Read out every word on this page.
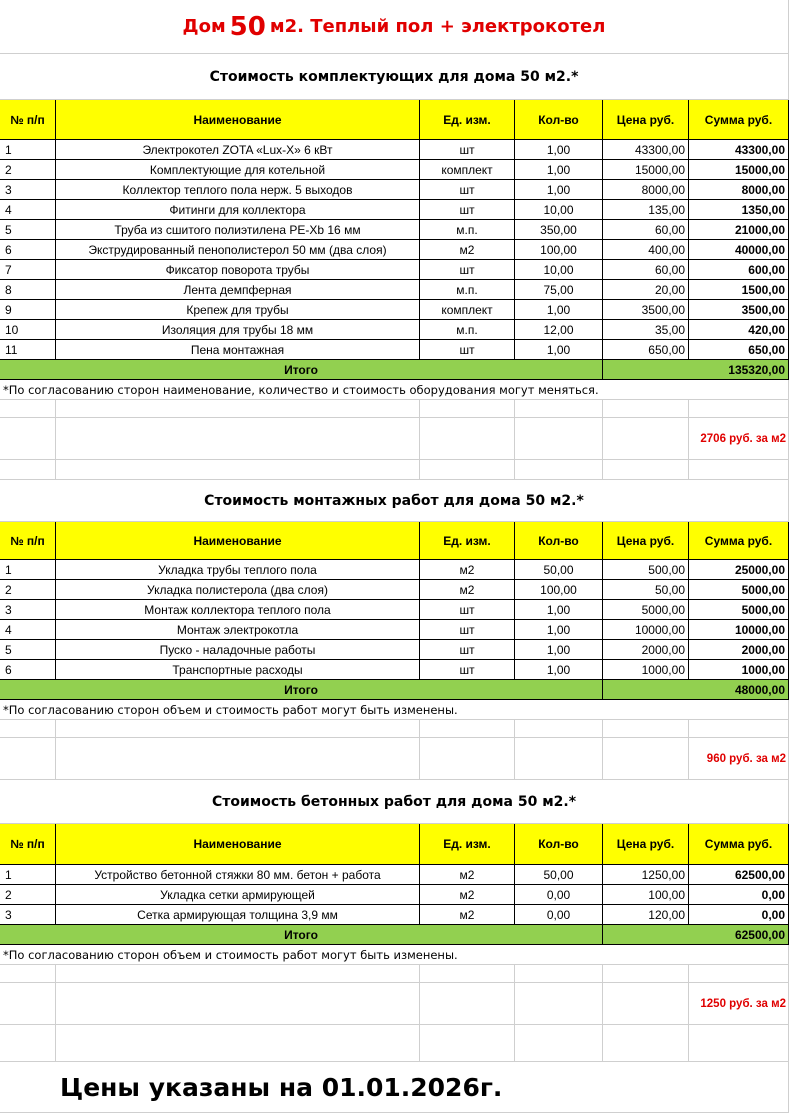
Дом 50 м2. Теплый пол + электрокотел
Стоимость комплектующих для дома 50 м2.*
№ п/п	Наименование	Ед. изм.	Кол-во	Цена руб.	Сумма руб.
1	Электрокотел ZOTA «Lux-X» 6 кВт	шт	1,00	43300,00	43300,00
2	Комплектующие для котельной	комплект	1,00	15000,00	15000,00
3	Коллектор теплого пола нерж. 5 выходов	шт	1,00	8000,00	8000,00
4	Фитинги для коллектора	шт	10,00	135,00	1350,00
5	Труба из сшитого полиэтилена PE-Xb 16 мм	м.п.	350,00	60,00	21000,00
6	Экструдированный пенополистерол 50 мм (два слоя)	м2	100,00	400,00	40000,00
7	Фиксатор поворота трубы	шт	10,00	60,00	600,00
8	Лента демпферная	м.п.	75,00	20,00	1500,00
9	Крепеж для трубы	комплект	1,00	3500,00	3500,00
10	Изоляция для трубы 18 мм	м.п.	12,00	35,00	420,00
11	Пена монтажная	шт	1,00	650,00	650,00
Итого	135320,00
*По согласованию сторон наименование, количество и стоимость оборудования могут меняться.
2706 руб. за м2
Стоимость монтажных работ для дома 50 м2.*
№ п/п	Наименование	Ед. изм.	Кол-во	Цена руб.	Сумма руб.
1	Укладка трубы теплого пола	м2	50,00	500,00	25000,00
2	Укладка полистерола (два слоя)	м2	100,00	50,00	5000,00
3	Монтаж коллектора теплого пола	шт	1,00	5000,00	5000,00
4	Монтаж электрокотла	шт	1,00	10000,00	10000,00
5	Пуско - наладочные работы	шт	1,00	2000,00	2000,00
6	Транспортные расходы	шт	1,00	1000,00	1000,00
Итого	48000,00
*По согласованию сторон объем и стоимость работ могут быть изменены.
960 руб. за м2
Стоимость бетонных работ для дома 50 м2.*
№ п/п	Наименование	Ед. изм.	Кол-во	Цена руб.	Сумма руб.
1	Устройство бетонной стяжки 80 мм. бетон + работа	м2	50,00	1250,00	62500,00
2	Укладка сетки армирующей	м2	0,00	100,00	0,00
3	Сетка армирующая толщина 3,9 мм	м2	0,00	120,00	0,00
Итого	62500,00
*По согласованию сторон объем и стоимость работ могут быть изменены.
1250 руб. за м2
Цены указаны на 01.01.2026г.
